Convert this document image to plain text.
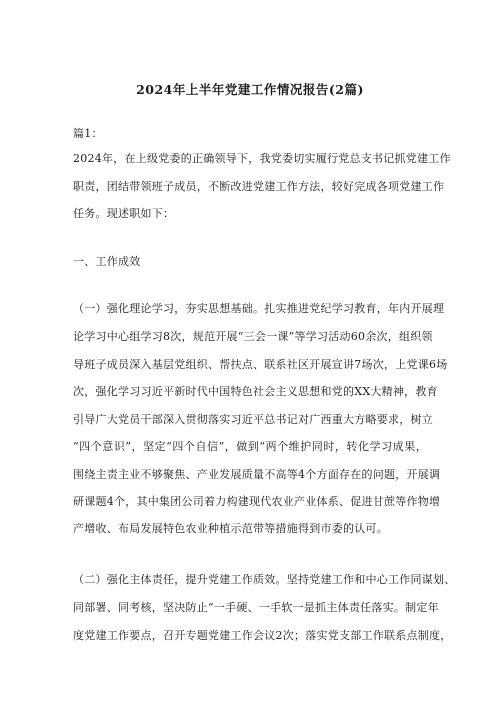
2024年上半年党建工作情况报告(2篇)
篇1：
2024年，在上级党委的正确领导下，我党委切实履行党总支书记抓党建工作
职责，团结带领班子成员，不断改进党建工作方法，较好完成各项党建工作
任务。现述职如下：
一、工作成效
（一）强化理论学习，夯实思想基础。扎实推进党纪学习教育，年内开展理
论学习中心组学习8次，规范开展“三会一课”等学习活动60余次，组织领
导班子成员深入基层党组织、帮扶点、联系社区开展宣讲7场次，上党课6场
次，强化学习习近平新时代中国特色社会主义思想和党的XX大精神，教育
引导广大党员干部深入贯彻落实习近平总书记对广西重大方略要求，树立
“四个意识”，坚定“四个自信”，做到“两个维护同时，转化学习成果，
围绕主责主业不够聚焦、产业发展质量不高等4个方面存在的问题，开展调
研课题4个，其中集团公司着力构建现代农业产业体系、促进甘蔗等作物增
产增收、布局发展特色农业种植示范带等措施得到市委的认可。
（二）强化主体责任，提升党建工作质效。坚持党建工作和中心工作同谋划、
同部署、同考核，坚决防止“一手硬、一手软一是抓主体责任落实。制定年
度党建工作要点，召开专题党建工作会议2次；落实党支部工作联系点制度，
